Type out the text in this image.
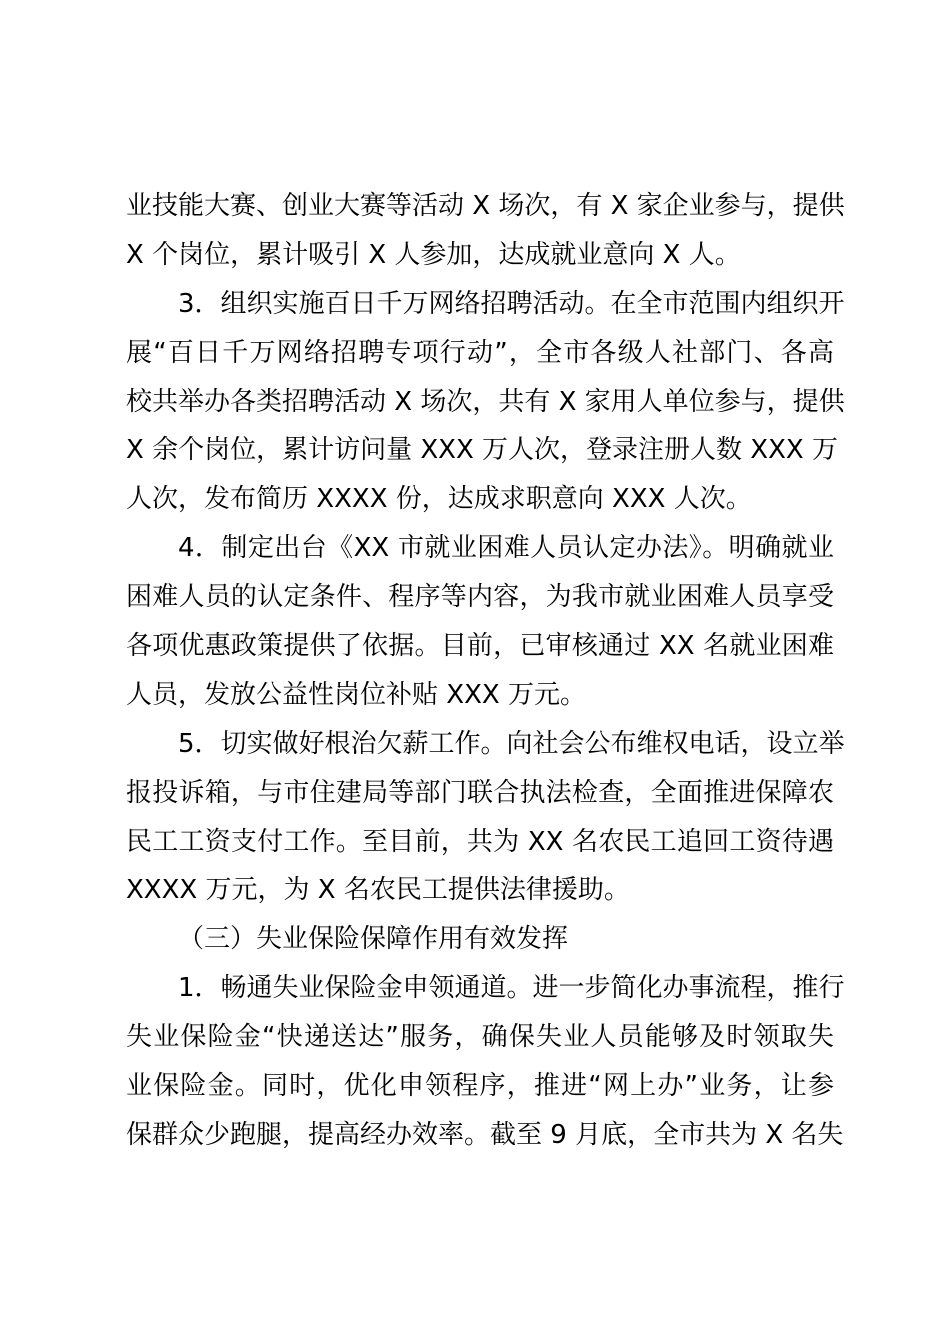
业技能大赛、创业大赛等活动 X 场次，有 X 家企业参与，提供
X 个岗位，累计吸引 X 人参加，达成就业意向 X 人。
3．组织实施百日千万网络招聘活动。在全市范围内组织开
展“百日千万网络招聘专项行动”，全市各级人社部门、各高
校共举办各类招聘活动 X 场次，共有 X 家用人单位参与，提供
X 余个岗位，累计访问量 XXX 万人次，登录注册人数 XXX 万
人次，发布简历 XXXX 份，达成求职意向 XXX 人次。
4．制定出台《XX 市就业困难人员认定办法》。明确就业
困难人员的认定条件、程序等内容，为我市就业困难人员享受
各项优惠政策提供了依据。目前，已审核通过 XX 名就业困难
人员，发放公益性岗位补贴 XXX 万元。
5．切实做好根治欠薪工作。向社会公布维权电话，设立举
报投诉箱，与市住建局等部门联合执法检查，全面推进保障农
民工工资支付工作。至目前，共为 XX 名农民工追回工资待遇
XXXX 万元，为 X 名农民工提供法律援助。
（三）失业保险保障作用有效发挥
1．畅通失业保险金申领通道。进一步简化办事流程，推行
失业保险金“快递送达”服务，确保失业人员能够及时领取失
业保险金。同时，优化申领程序，推进“网上办”业务，让参
保群众少跑腿，提高经办效率。截至 9 月底，全市共为 X 名失
